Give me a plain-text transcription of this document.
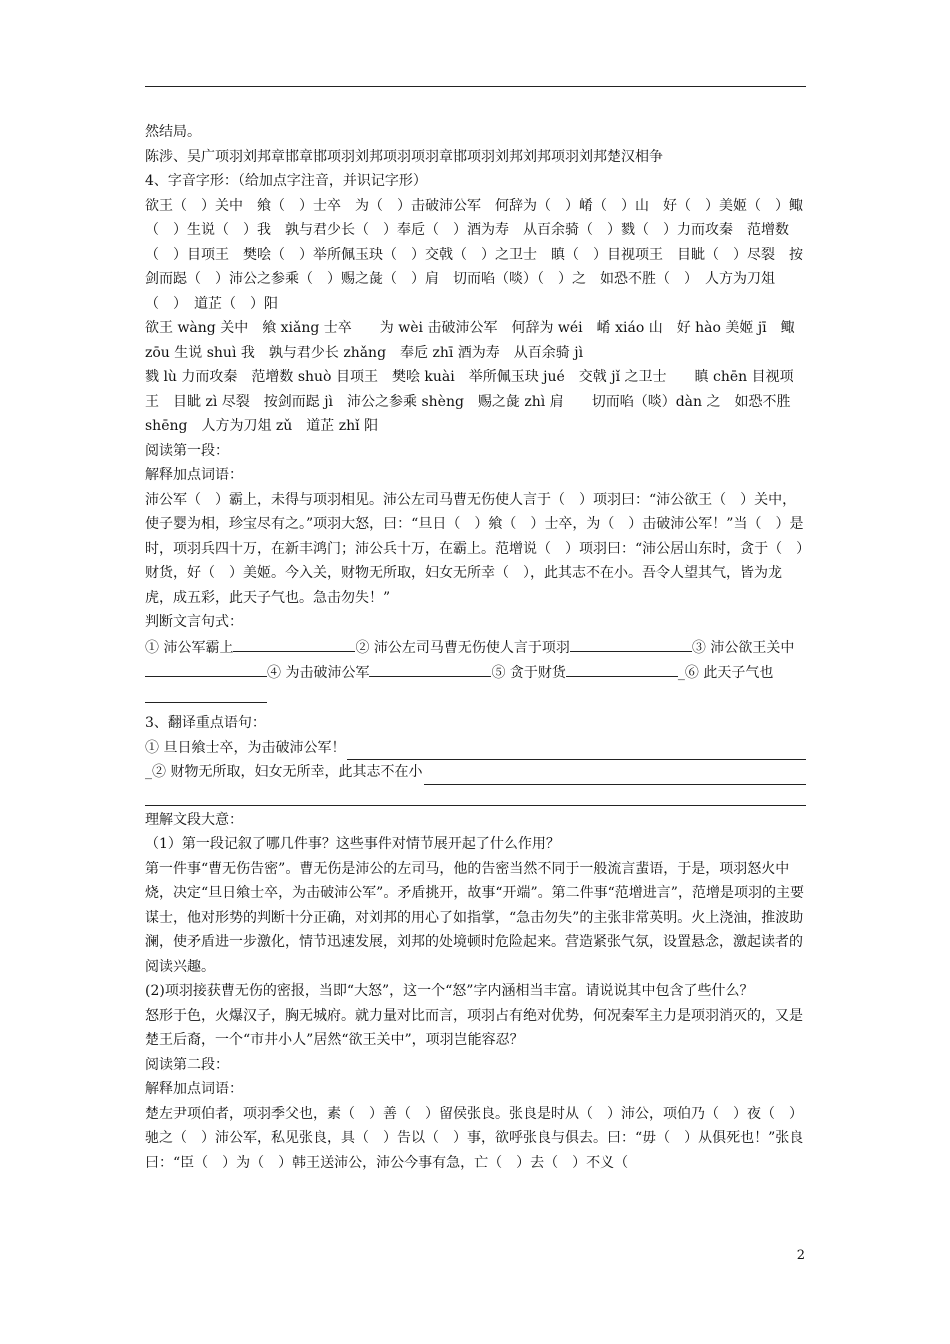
然结局。

陈涉、吴广项羽刘邦章邯章邯项羽刘邦项羽项羽章邯项羽刘邦刘邦项羽刘邦楚汉相争

4、字音字形：（给加点字注音，并识记字形）

欲王（　）关中　飨（　）士卒　为（　）击破沛公军　何辞为（　）崤（　）山　好（　）美姬（　）鲰（　）生说（　）我　孰与君少长（　）奉卮（　）酒为寿　从百余骑（　）戮（　）力而攻秦　范增数（　）目项王　樊哙（　）举所佩玉玦（　）交戟（　）之卫士　瞋（　）目视项王　目眦（　）尽裂　按剑而跽（　）沛公之参乘（　）赐之彘（　）肩　切而啗（啖）（　）之　如恐不胜（　）　人方为刀俎（　）　道芷（　）阳

欲王 wàng 关中　飨 xiǎng 士卒　　为 wèi 击破沛公军　何辞为 wéi　崤 xiáo 山　好 hào 美姬 jī　鲰 zōu 生说 shuì 我　孰与君少长 zhǎng　奉卮 zhī 酒为寿　从百余骑 jì

戮 lù 力而攻秦　范增数 shuò 目项王　樊哙 kuài　举所佩玉玦 jué　交戟 jǐ 之卫士　　瞋 chēn 目视项王　目眦 zì 尽裂　按剑而跽 jì　沛公之参乘 shèng　赐之彘 zhì 肩　　切而啗（啖）dàn 之　如恐不胜 shēng　人方为刀俎 zǔ　道芷 zhǐ 阳

阅读第一段：

解释加点词语：

沛公军（　）霸上，未得与项羽相见。沛公左司马曹无伤使人言于（　）项羽曰：“沛公欲王（　）关中，使子婴为相，珍宝尽有之。”项羽大怒，曰：“旦日（　）飨（　）士卒，为（　）击破沛公军！”当（　）是时，项羽兵四十万，在新丰鸿门；沛公兵十万，在霸上。范增说（　）项羽曰：“沛公居山东时，贪于（　）财货，好（　）美姬。今入关，财物无所取，妇女无所幸（　），此其志不在小。吾令人望其气，皆为龙虎，成五彩，此天子气也。急击勿失！”

判断文言句式：

① 沛公军霸上	② 沛公左司马曹无伤使人言于项羽	③ 沛公欲王关中④ 为击破沛公军	⑤ 贪于财货	_⑥ 此天子气也

3、翻译重点语句：

① 旦日飨士卒，为击破沛公军！
_② 财物无所取，妇女无所幸，此其志不在小

理解文段大意：

（1）第一段记叙了哪几件事？这些事件对情节展开起了什么作用？

第一件事“曹无伤告密”。曹无伤是沛公的左司马，他的告密当然不同于一般流言蜚语，于是，项羽怒火中烧，决定“旦日飨士卒，为击破沛公军”。矛盾挑开，故事“开端”。第二件事“范增进言”，范增是项羽的主要谋士，他对形势的判断十分正确，对刘邦的用心了如指掌，“急击勿失”的主张非常英明。火上浇油，推波助澜，使矛盾进一步激化，情节迅速发展，刘邦的处境顿时危险起来。营造紧张气氛，设置悬念，激起读者的阅读兴趣。

(2)项羽接获曹无伤的密报，当即“大怒”，这一个“怒”字内涵相当丰富。请说说其中包含了些什么？

怒形于色，火爆汉子，胸无城府。就力量对比而言，项羽占有绝对优势，何况秦军主力是项羽消灭的，又是楚王后裔，一个“市井小人”居然“欲王关中”，项羽岂能容忍？

阅读第二段：

解释加点词语：

楚左尹项伯者，项羽季父也，素（　）善（　）留侯张良。张良是时从（　）沛公，项伯乃（　）夜（　）驰之（　）沛公军，私见张良，具（　）告以（　）事，欲呼张良与俱去。曰：“毋（　）从俱死也！”张良曰：“臣（　）为（　）韩王送沛公，沛公今事有急，亡（　）去（　）不义（

2
